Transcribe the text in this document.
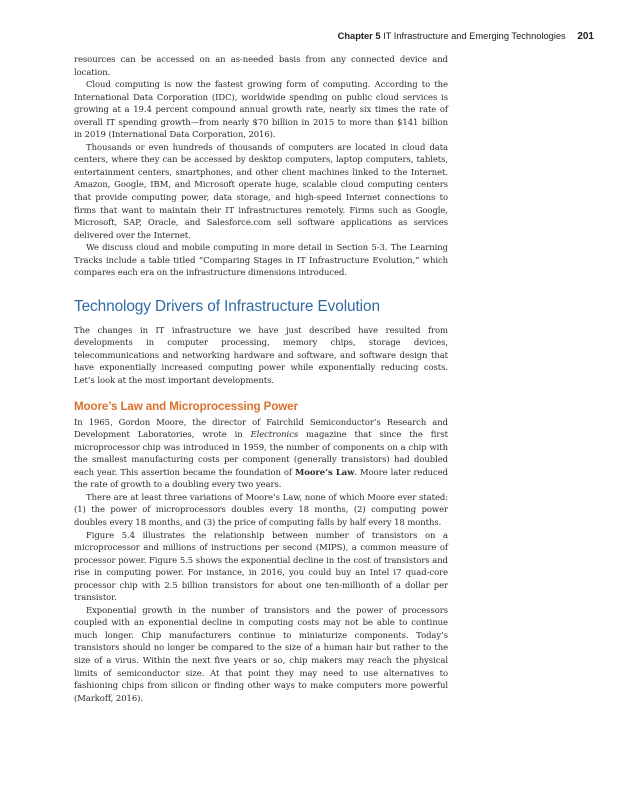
Chapter 5 IT Infrastructure and Emerging Technologies 201

resources can be accessed on an as-needed basis from any connected device and location.

Cloud computing is now the fastest growing form of computing. According to the International Data Corporation (IDC), worldwide spending on public cloud services is growing at a 19.4 percent compound annual growth rate, nearly six times the rate of overall IT spending growth—from nearly $70 billion in 2015 to more than $141 billion in 2019 (International Data Corporation, 2016).

Thousands or even hundreds of thousands of computers are located in cloud data centers, where they can be accessed by desktop computers, laptop computers, tablets, entertainment centers, smartphones, and other client machines linked to the Internet. Amazon, Google, IBM, and Microsoft operate huge, scalable cloud computing centers that provide computing power, data storage, and high-speed Internet connections to firms that want to maintain their IT infrastructures remotely. Firms such as Google, Microsoft, SAP, Oracle, and Salesforce.com sell software applications as services delivered over the Internet.

We discuss cloud and mobile computing in more detail in Section 5-3. The Learning Tracks include a table titled “Comparing Stages in IT Infrastructure Evolution,” which compares each era on the infrastructure dimensions introduced.

Technology Drivers of Infrastructure Evolution

The changes in IT infrastructure we have just described have resulted from developments in computer processing, memory chips, storage devices, telecommunications and networking hardware and software, and software design that have exponentially increased computing power while exponentially reducing costs. Let’s look at the most important developments.

Moore’s Law and Microprocessing Power

In 1965, Gordon Moore, the director of Fairchild Semiconductor’s Research and Development Laboratories, wrote in Electronics magazine that since the first microprocessor chip was introduced in 1959, the number of components on a chip with the smallest manufacturing costs per component (generally transistors) had doubled each year. This assertion became the foundation of Moore’s Law. Moore later reduced the rate of growth to a doubling every two years.

There are at least three variations of Moore’s Law, none of which Moore ever stated: (1) the power of microprocessors doubles every 18 months, (2) computing power doubles every 18 months, and (3) the price of computing falls by half every 18 months.

Figure 5.4 illustrates the relationship between number of transistors on a microprocessor and millions of instructions per second (MIPS), a common measure of processor power. Figure 5.5 shows the exponential decline in the cost of transistors and rise in computing power. For instance, in 2016, you could buy an Intel i7 quad-core processor chip with 2.5 billion transistors for about one ten-millionth of a dollar per transistor.

Exponential growth in the number of transistors and the power of processors coupled with an exponential decline in computing costs may not be able to continue much longer. Chip manufacturers continue to miniaturize components. Today’s transistors should no longer be compared to the size of a human hair but rather to the size of a virus. Within the next five years or so, chip makers may reach the physical limits of semiconductor size. At that point they may need to use alternatives to fashioning chips from silicon or finding other ways to make computers more powerful (Markoff, 2016).
